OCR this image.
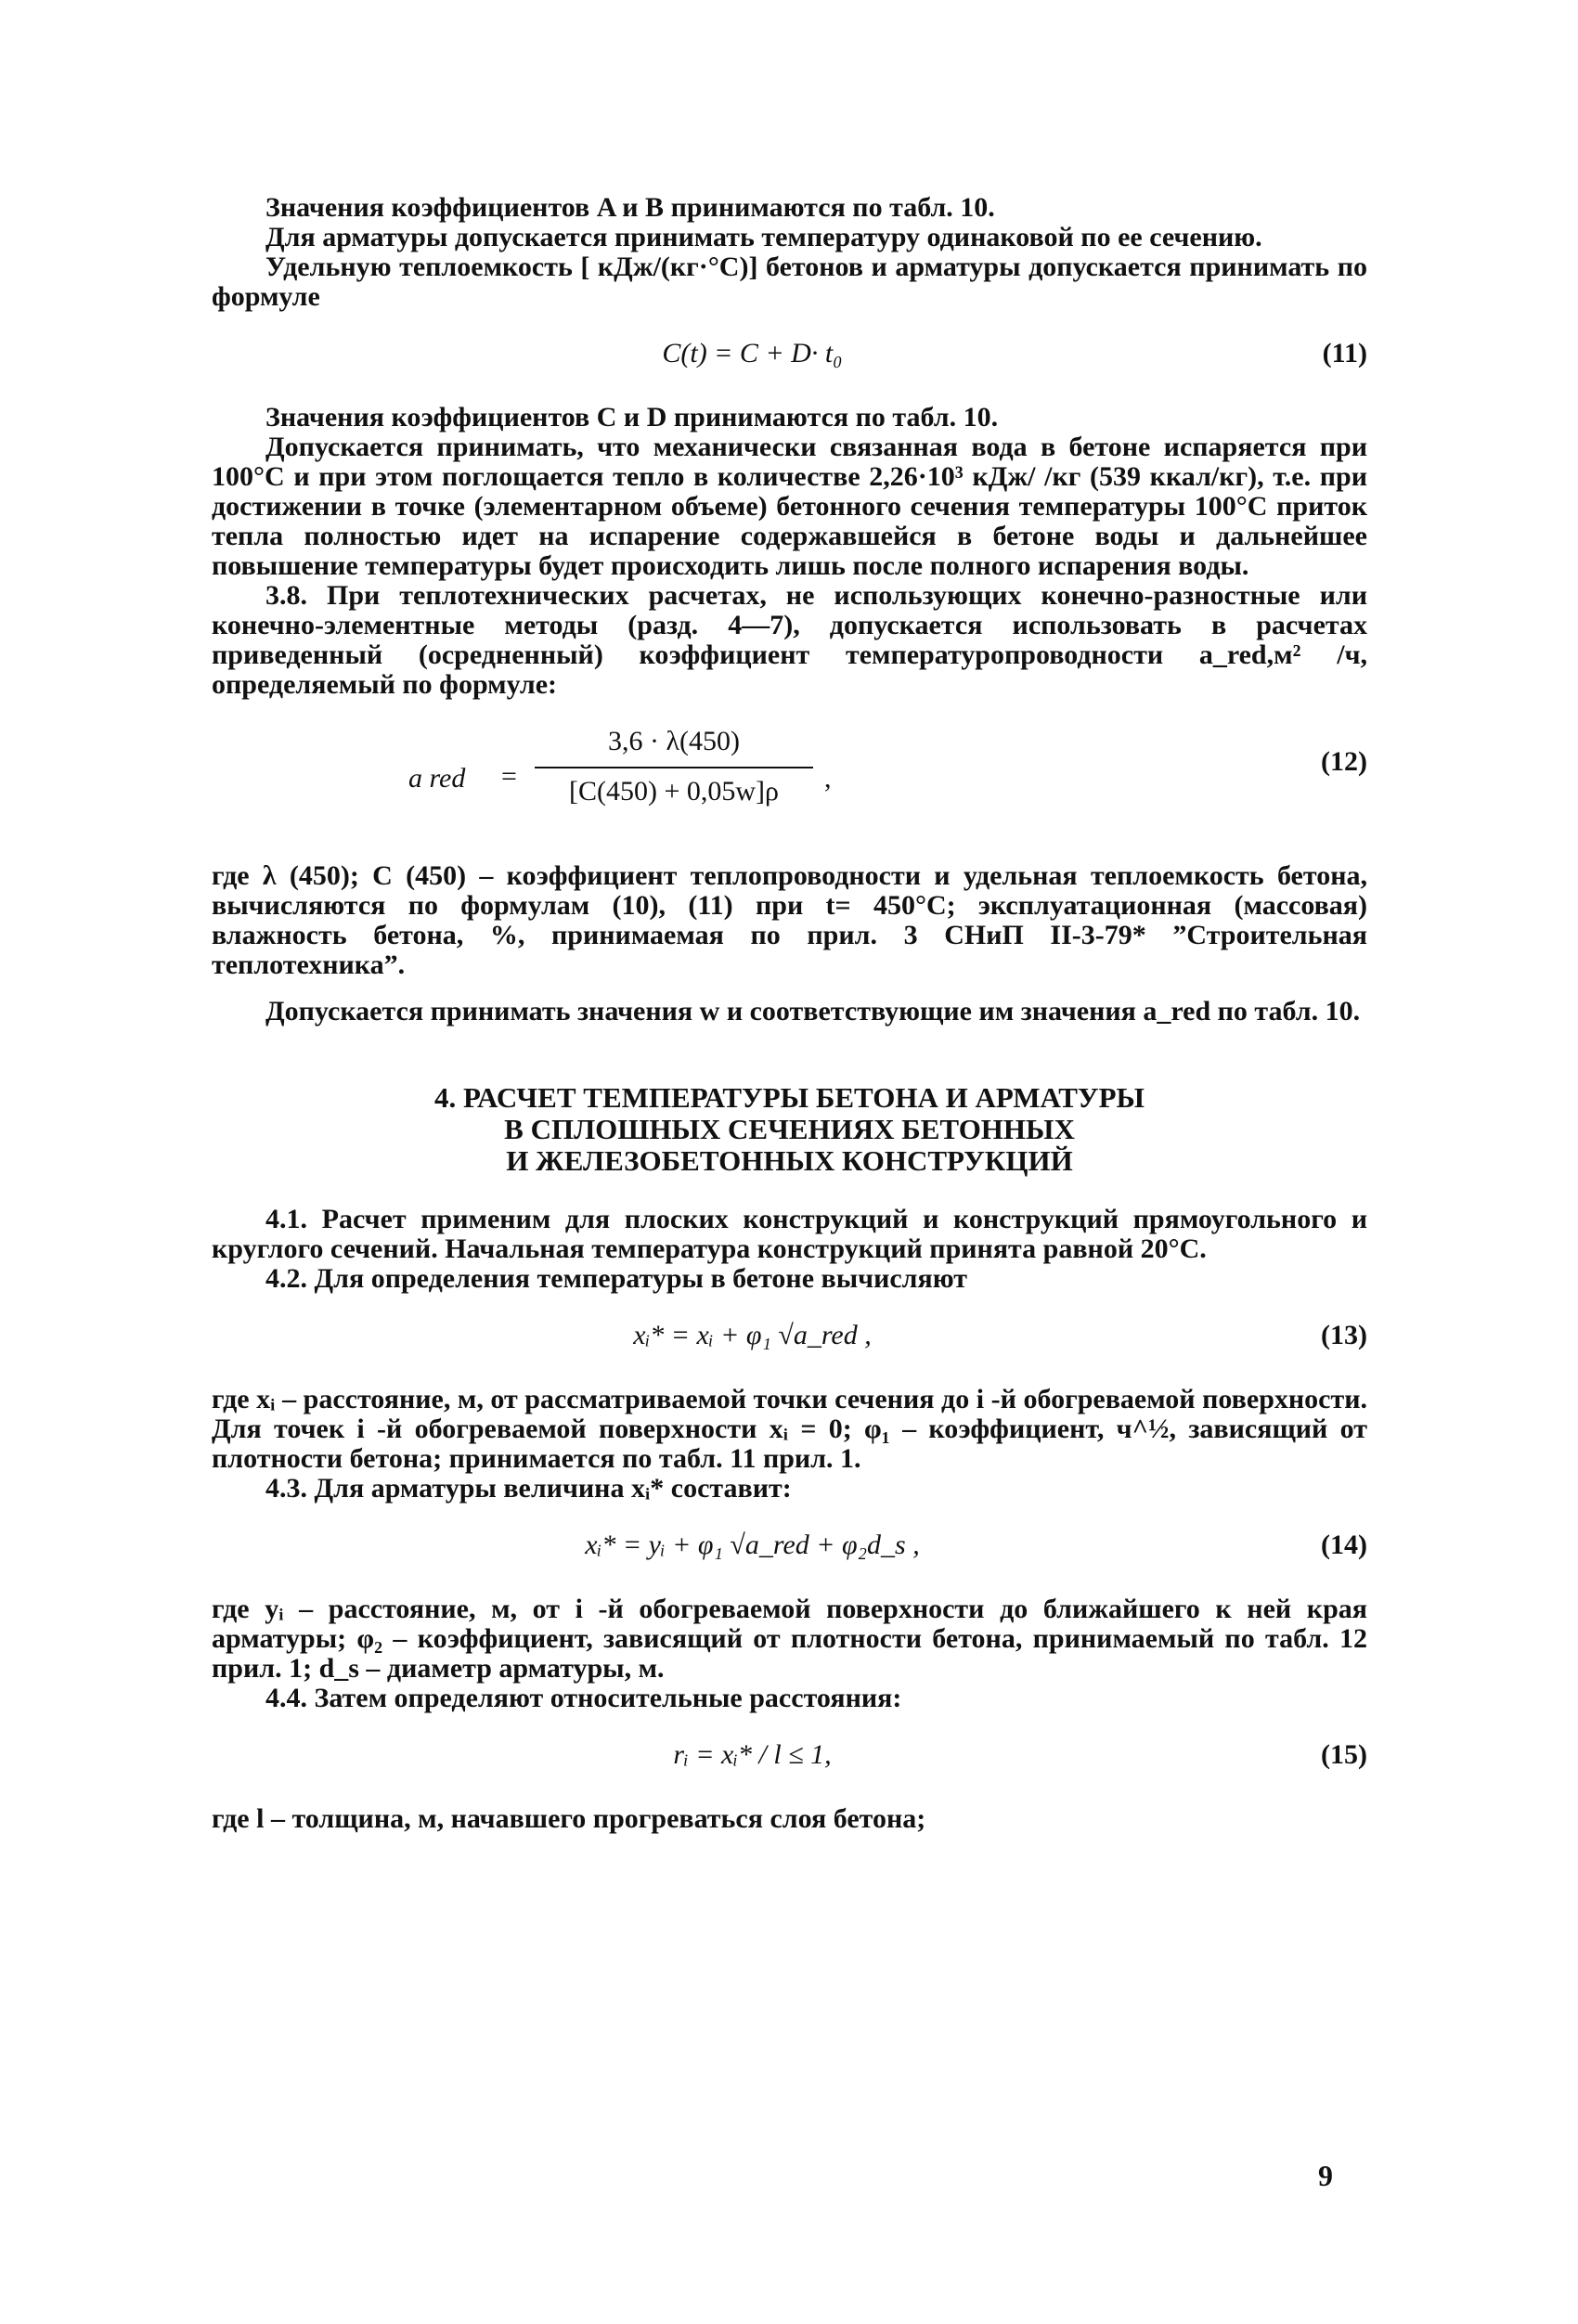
Значения коэффициентов A и B принимаются по табл. 10.

Для арматуры допускается принимать температуру одинаковой по ее сечению.

Удельную теплоемкость [ кДж/(кг·°С)] бетонов и арматуры допускается принимать по формуле

C(t) = C + D· t₀	(11)

Значения коэффициентов C и D принимаются по табл. 10.

Допускается принимать, что механически связанная вода в бетоне испаряется при 100°С и при этом поглощается тепло в количестве 2,26·10³ кДж/ /кг (539 ккал/кг), т.е. при достижении в точке (элементарном объеме) бетонного сечения температуры 100°С приток тепла полностью идет на испарение содержавшейся в бетоне воды и дальнейшее повышение температуры будет происходить лишь после полного испарения воды.

3.8. При теплотехнических расчетах, не использующих конечно-разностные или конечно-элементные методы (разд. 4—7), допускается использовать в расчетах приведенный (осредненный) коэффициент температуропроводности a_red,м² /ч, определяемый по формуле:

a red =
3,6 · λ(450)
[C(450) + 0,05w]ρ	,
(12)

где λ (450); C (450) – коэффициент теплопроводности и удельная теплоемкость бетона, вычисляются по формулам (10), (11) при t= 450°С; эксплуатационная (массовая) влажность бетона, %, принимаемая по прил. 3 СНиП II-3-79* ”Строительная теплотехника”.

Допускается принимать значения w и соответствующие им значения a_red по табл. 10.

4. РАСЧЕТ ТЕМПЕРАТУРЫ БЕТОНА И АРМАТУРЫ
В СПЛОШНЫХ СЕЧЕНИЯХ БЕТОННЫХ
И ЖЕЛЕЗОБЕТОННЫХ КОНСТРУКЦИЙ

4.1. Расчет применим для плоских конструкций и конструкций прямоугольного и круглого сечений. Начальная температура конструкций принята равной 20°С.

4.2. Для определения температуры в бетоне вычисляют

xᵢ* = xᵢ + φ₁ √a_red ,	(13)

где xᵢ – расстояние, м, от рассматриваемой точки сечения до i -й обогреваемой поверхности. Для точек i -й обогреваемой поверхности xᵢ = 0; φ₁ – коэффициент, ч^½, зависящий от плотности бетона; принимается по табл. 11 прил. 1.

4.3. Для арматуры величина xᵢ* составит:

xᵢ* = yᵢ + φ₁ √a_red + φ₂d_s ,	(14)

где yᵢ – расстояние, м, от i -й обогреваемой поверхности до ближайшего к ней края арматуры; φ₂ – коэффициент, зависящий от плотности бетона, принимаемый по табл. 12 прил. 1; d_s – диаметр арматуры, м.

4.4. Затем определяют относительные расстояния:

rᵢ = xᵢ* / l ≤ 1,	(15)

где l – толщина, м, начавшего прогреваться слоя бетона;

9
